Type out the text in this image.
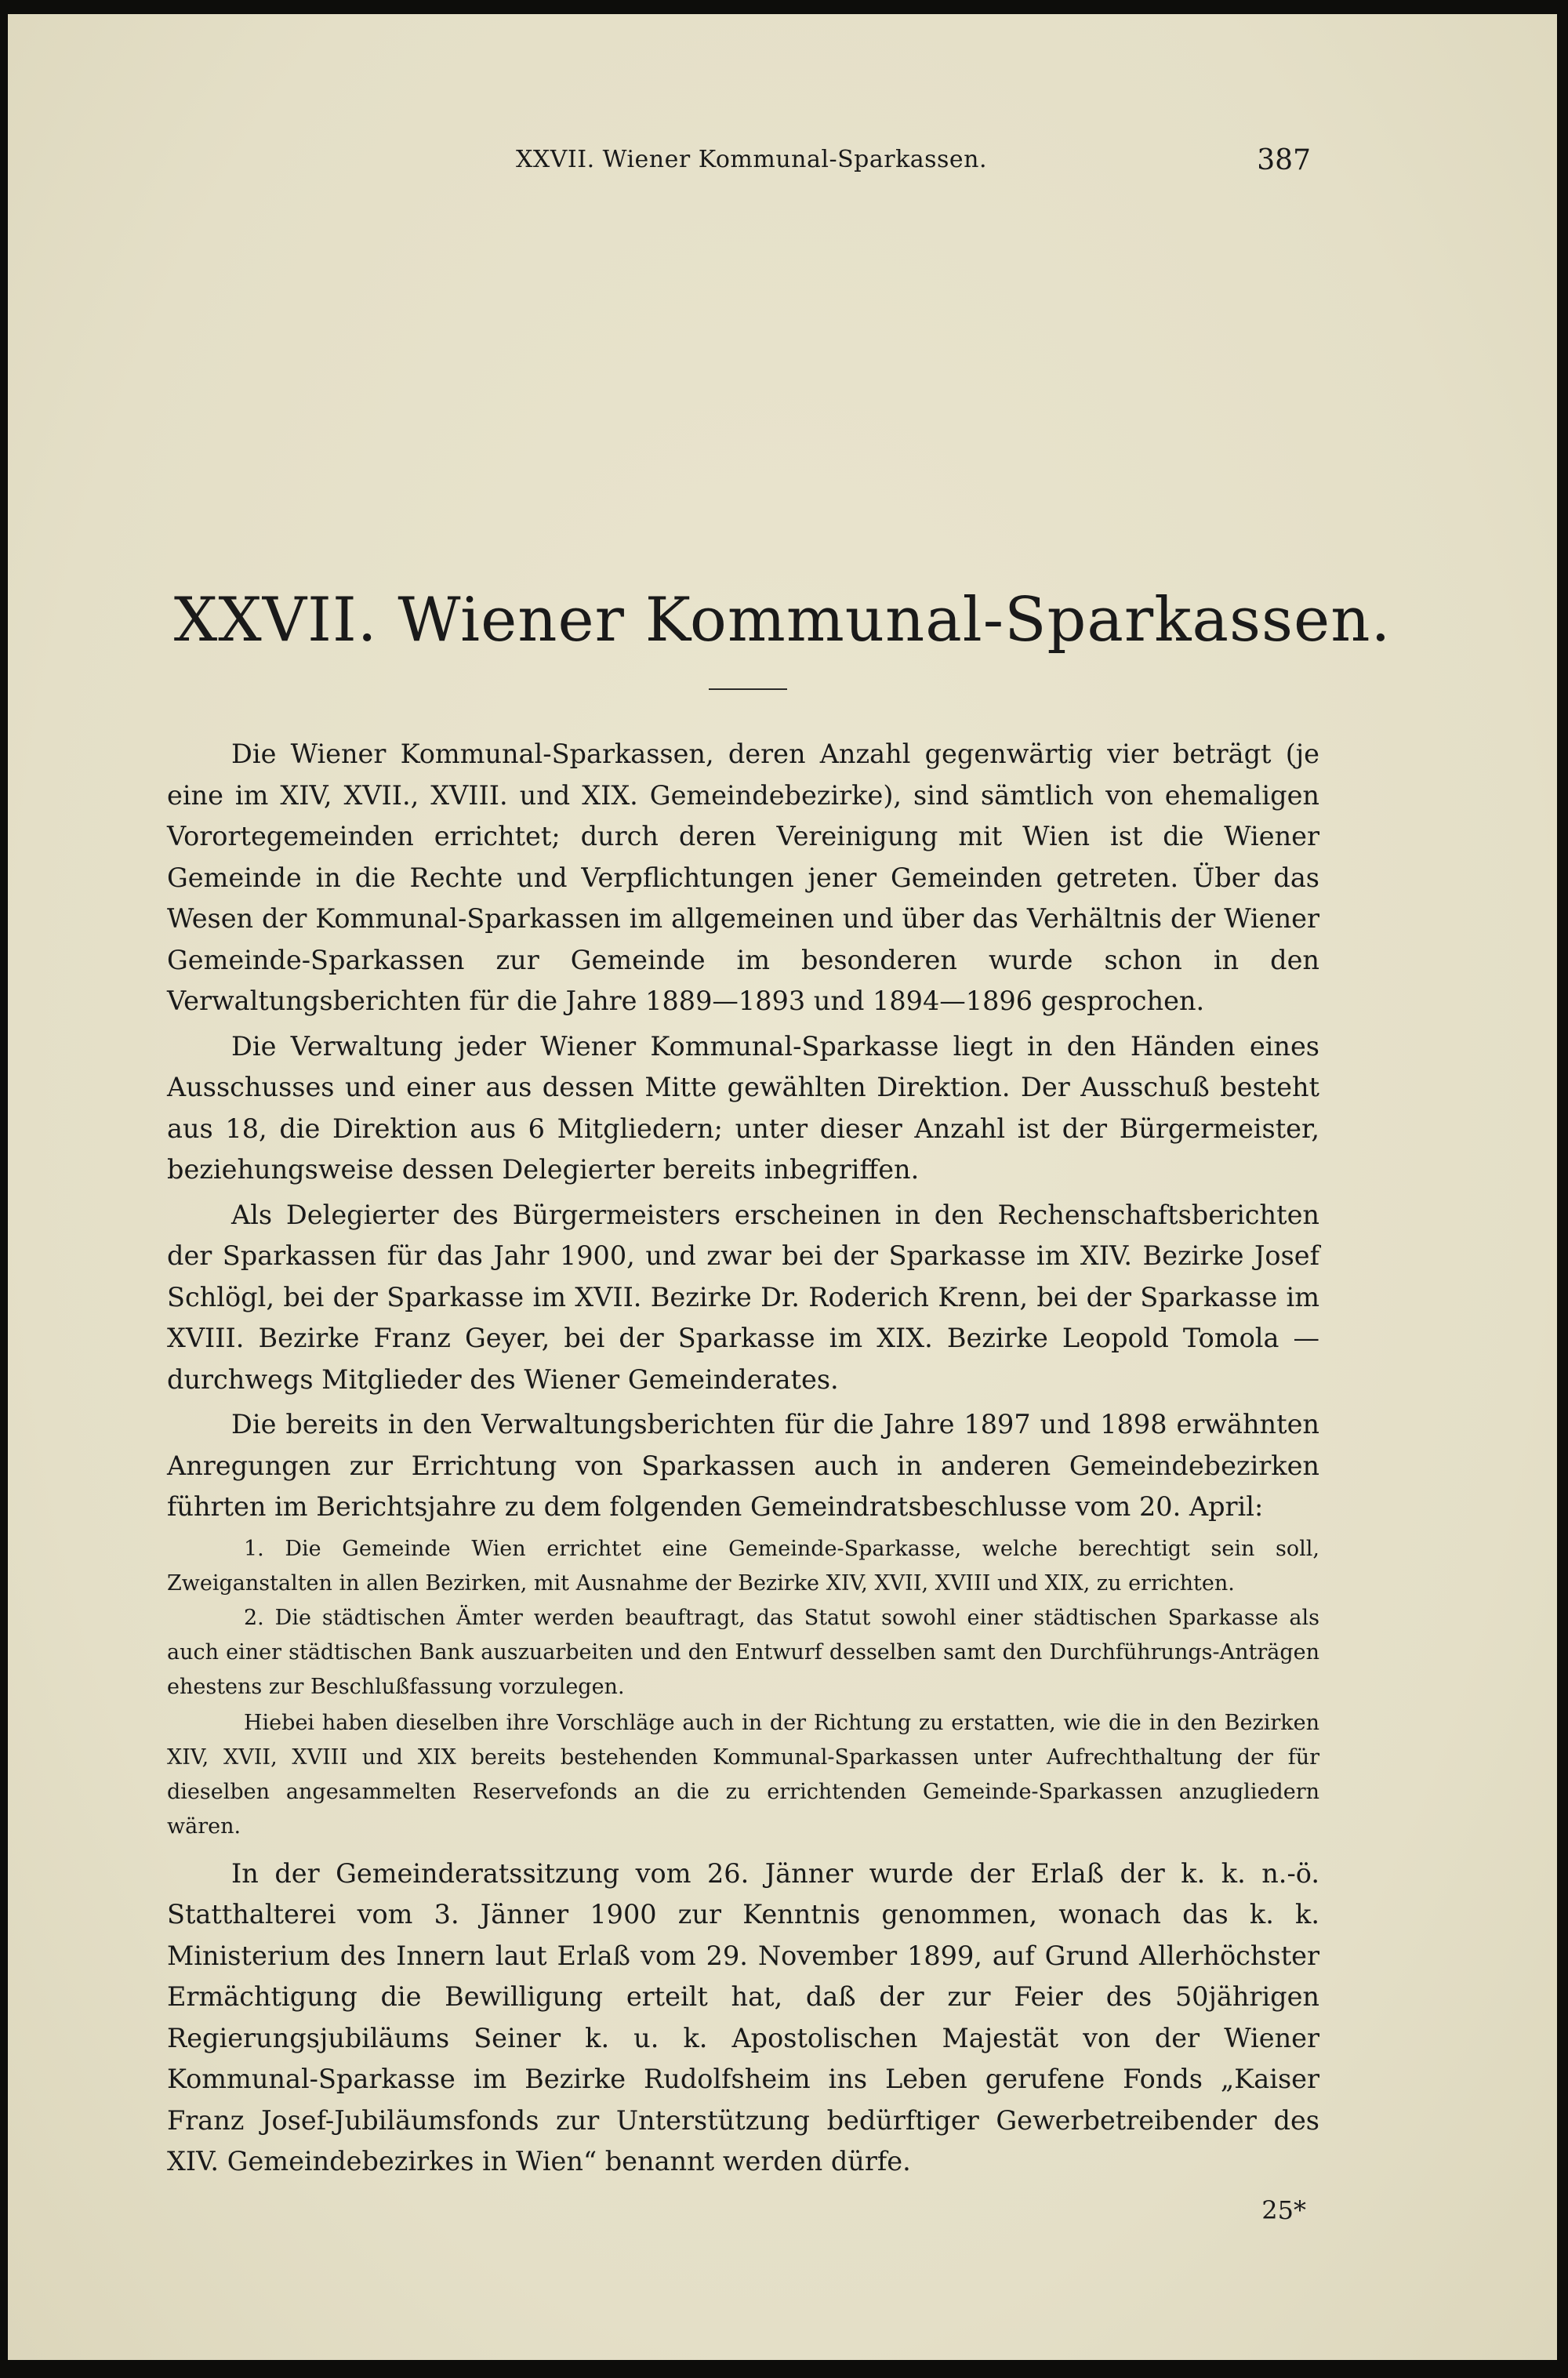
XXVII. Wiener Kommunal-Sparkassen.	387
XXVII. Wiener Kommunal-Sparkassen.

Die Wiener Kommunal-Sparkassen, deren Anzahl gegenwärtig vier beträgt (je eine im XIV, XVII., XVIII. und XIX. Gemeindebezirke), sind sämtlich von ehemaligen Vorortegemeinden errichtet; durch deren Vereinigung mit Wien ist die Wiener Gemeinde in die Rechte und Verpflichtungen jener Gemeinden getreten. Über das Wesen der Kommunal-Sparkassen im allgemeinen und über das Verhältnis der Wiener Gemeinde-Sparkassen zur Gemeinde im besonderen wurde schon in den Verwaltungsberichten für die Jahre 1889—1893 und 1894—1896 gesprochen.

Die Verwaltung jeder Wiener Kommunal-Sparkasse liegt in den Händen eines Ausschusses und einer aus dessen Mitte gewählten Direktion. Der Ausschuß besteht aus 18, die Direktion aus 6 Mitgliedern; unter dieser Anzahl ist der Bürgermeister, beziehungsweise dessen Delegierter bereits inbegriffen.

Als Delegierter des Bürgermeisters erscheinen in den Rechenschaftsberichten der Sparkassen für das Jahr 1900, und zwar bei der Sparkasse im XIV. Bezirke Josef Schlögl, bei der Sparkasse im XVII. Bezirke Dr. Roderich Krenn, bei der Sparkasse im XVIII. Bezirke Franz Geyer, bei der Sparkasse im XIX. Bezirke Leopold Tomola — durchwegs Mitglieder des Wiener Gemeinderates.

Die bereits in den Verwaltungsberichten für die Jahre 1897 und 1898 erwähnten Anregungen zur Errichtung von Sparkassen auch in anderen Gemeindebezirken führten im Berichtsjahre zu dem folgenden Gemeindratsbeschlusse vom 20. April:

1. Die Gemeinde Wien errichtet eine Gemeinde-Sparkasse, welche berechtigt sein soll, Zweiganstalten in allen Bezirken, mit Ausnahme der Bezirke XIV, XVII, XVIII und XIX, zu errichten.

2. Die städtischen Ämter werden beauftragt, das Statut sowohl einer städtischen Sparkasse als auch einer städtischen Bank auszuarbeiten und den Entwurf desselben samt den Durchführungs-Anträgen ehestens zur Beschlußfassung vorzulegen.

Hiebei haben dieselben ihre Vorschläge auch in der Richtung zu erstatten, wie die in den Bezirken XIV, XVII, XVIII und XIX bereits bestehenden Kommunal-Sparkassen unter Aufrechthaltung der für dieselben angesammelten Reservefonds an die zu errichtenden Gemeinde-Sparkassen anzugliedern wären.

In der Gemeinderatssitzung vom 26. Jänner wurde der Erlaß der k. k. n.-ö. Statthalterei vom 3. Jänner 1900 zur Kenntnis genommen, wonach das k. k. Ministerium des Innern laut Erlaß vom 29. November 1899, auf Grund Allerhöchster Ermächtigung die Bewilligung erteilt hat, daß der zur Feier des 50jährigen Regierungsjubiläums Seiner k. u. k. Apostolischen Majestät von der Wiener Kommunal-Sparkasse im Bezirke Rudolfsheim ins Leben gerufene Fonds „Kaiser Franz Josef-Jubiläumsfonds zur Unterstützung bedürftiger Gewerbetreibender des XIV. Gemeindebezirkes in Wien“ benannt werden dürfe.

25*
